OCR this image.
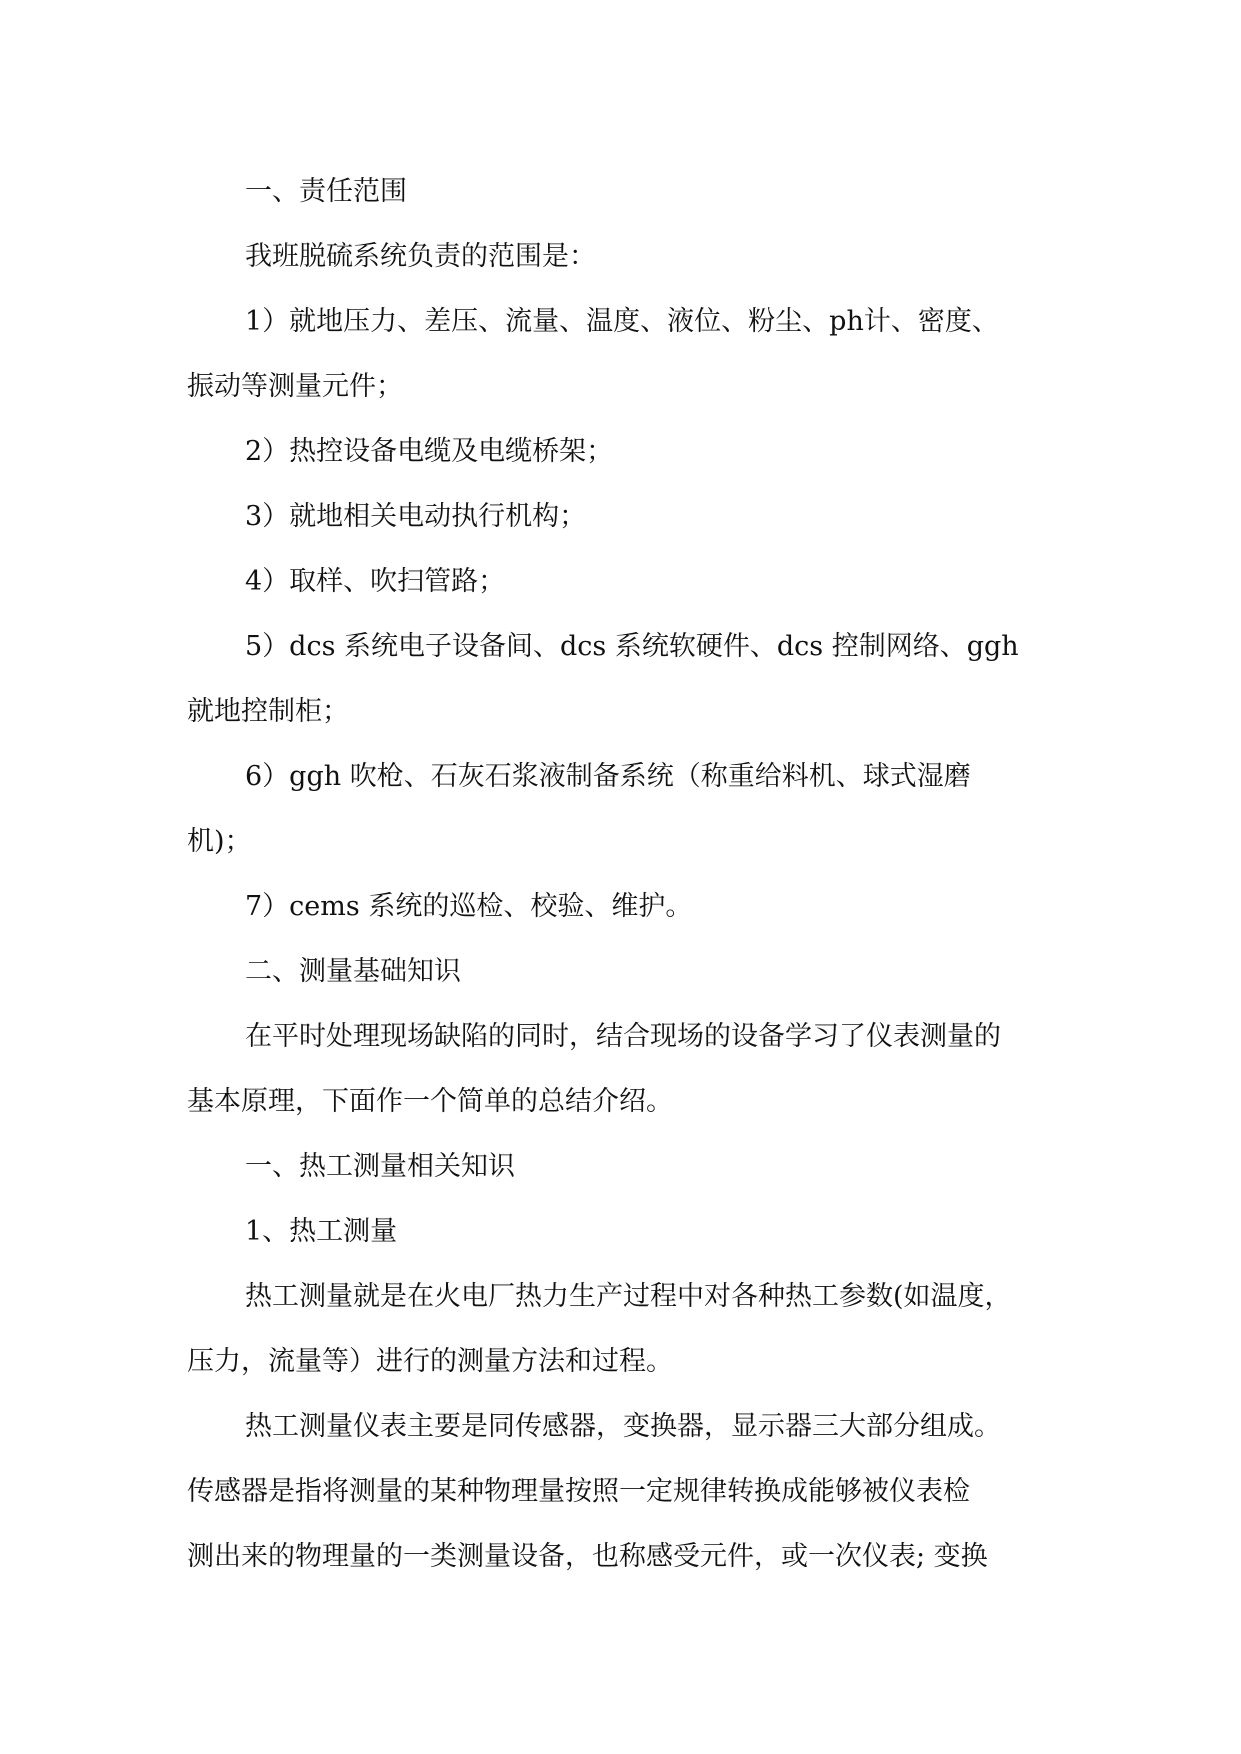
一、责任范围

我班脱硫系统负责的范围是：

1）就地压力、差压、流量、温度、液位、粉尘、ph计、密度、

振动等测量元件；

2）热控设备电缆及电缆桥架；

3）就地相关电动执行机构；

4）取样、吹扫管路；

5）dcs 系统电子设备间、dcs 系统软硬件、dcs 控制网络、ggh

就地控制柜；

6）ggh 吹枪、石灰石浆液制备系统（称重给料机、球式湿磨

机)；

7）cems 系统的巡检、校验、维护。

二、测量基础知识

在平时处理现场缺陷的同时，结合现场的设备学习了仪表测量的

基本原理，下面作一个简单的总结介绍。

一、热工测量相关知识

1、热工测量

热工测量就是在火电厂热力生产过程中对各种热工参数(如温度，

压力，流量等）进行的测量方法和过程。

热工测量仪表主要是同传感器，变换器，显示器三大部分组成。

传感器是指将测量的某种物理量按照一定规律转换成能够被仪表检

测出来的物理量的一类测量设备，也称感受元件，或一次仪表; 变换
